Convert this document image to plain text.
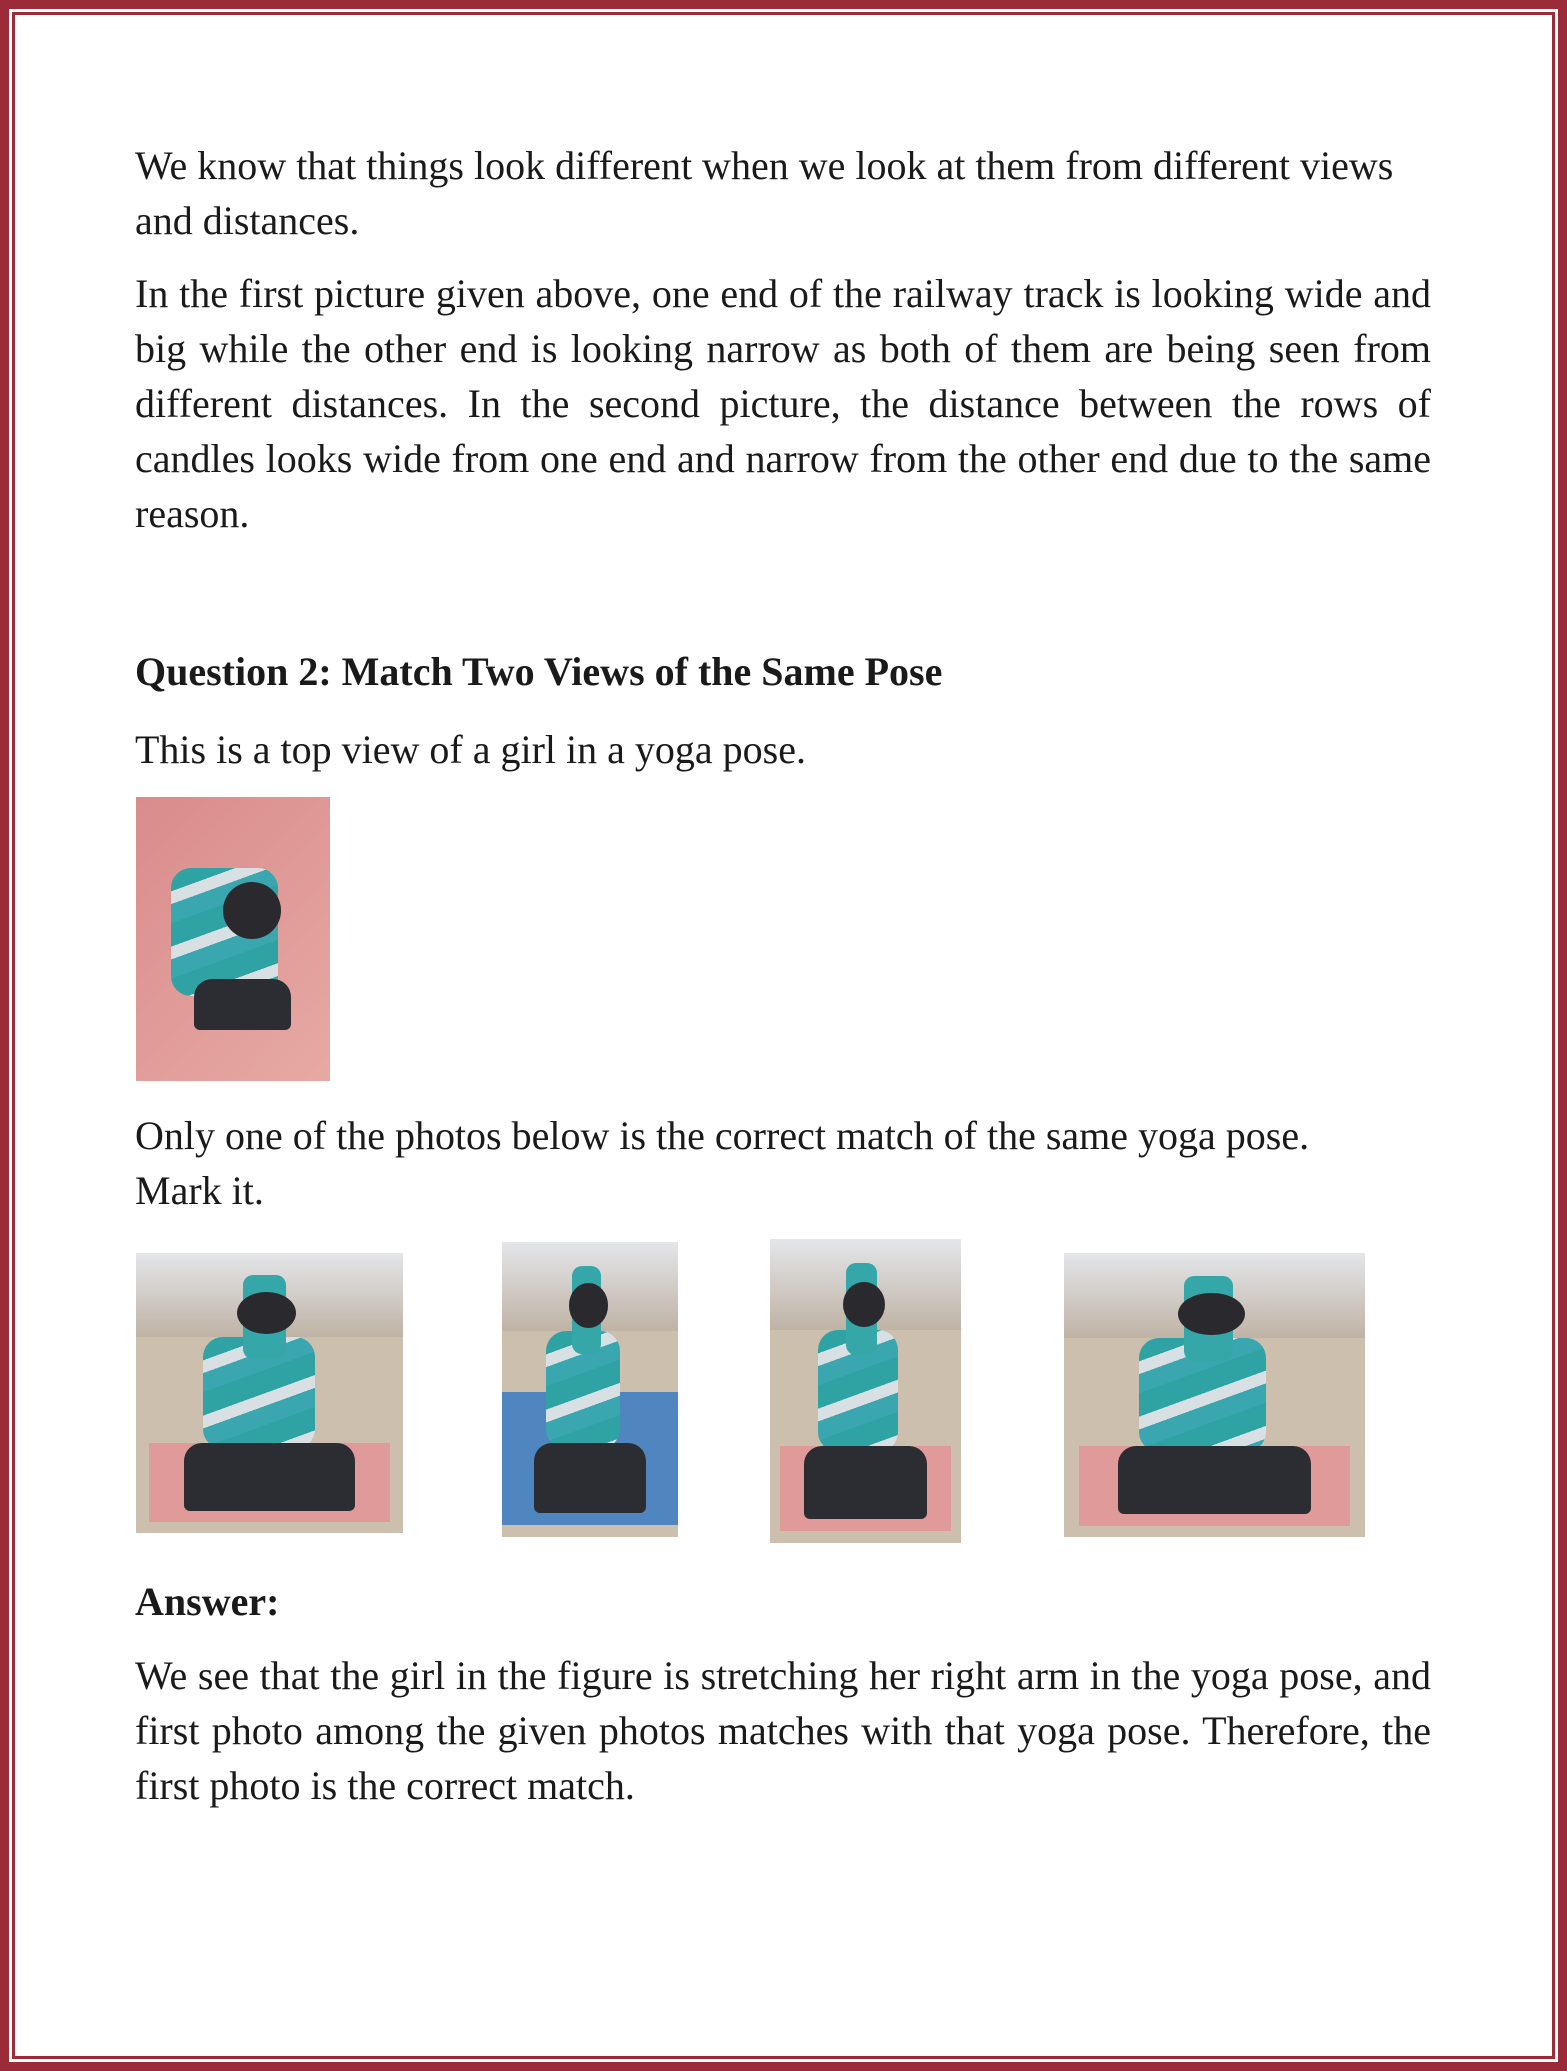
We know that things look different when we look at them from different views and distances.

In the first picture given above, one end of the railway track is looking wide and big while the other end is looking narrow as both of them are being seen from different distances. In the second picture, the distance between the rows of candles looks wide from one end and narrow from the other end due to the same reason.

Question 2: Match Two Views of the Same Pose

This is a top view of a girl in a yoga pose.

Only one of the photos below is the correct match of the same yoga pose. Mark it.

Answer:

We see that the girl in the figure is stretching her right arm in the yoga pose, and first photo among the given photos matches with that yoga pose. Therefore, the first photo is the correct match.
